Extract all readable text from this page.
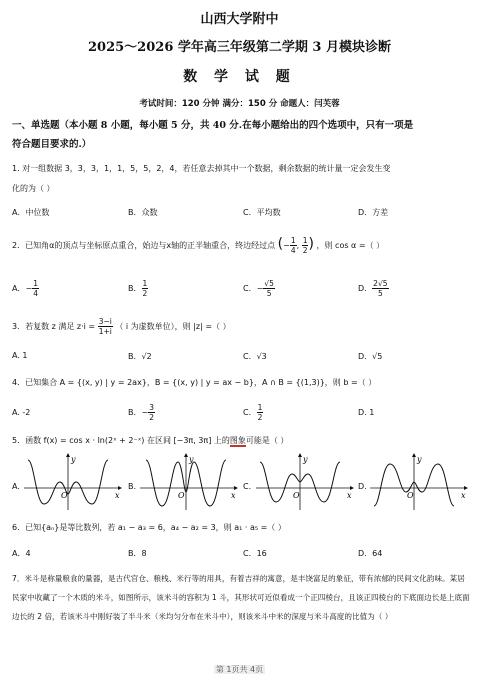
山西大学附中
2025～2026 学年高三年级第二学期 3 月模块诊断
数 学 试 题
考试时间：120 分钟 满分：150 分 命题人：闫芙蓉
一、单选题（本小题 8 小题，每小题 5 分，共 40 分.在每小题给出的四个选项中，只有一项是
符合题目要求的.）
1. 对一组数据 3，3，3，1，1，5，5，2，4，若任意去掉其中一个数据，剩余数据的统计量一定会发生变
化的为（ ）
A．中位数	B．众数	C．平均数	D．方差
2．已知角α的顶点与坐标原点重合，始边与x轴的正半轴重合，终边经过点 (− $\frac{1}{4}$ , $\frac{1}{2}$ ) ，则 cos α =（ ）
A．− $\frac{1}{4}$	B． $\frac{1}{2}$	C．− $\frac{√5}{5}$	D． $\frac{2√5}{5}$
3．若复数 z 满足 $z\cdot i = \frac{3-i}{1+i}$ （ i 为虚数单位），则 |z| =（ ）
A. 1	B．√2	C．√3	D．√5
4．已知集合 A = {(x, y) | y = 2ax}，B = {(x, y) | y = ax − b}，A ∩ B = {(1,3)}，则 b =（ ）
A. -2	B．− $\frac{3}{2}$	C． $\frac{1}{2}$	D. 1
5．函数 f(x) = cos x · ln(2ˣ + 2⁻ˣ) 在区间 [−3π, 3π] 上的图象可能是（ ）
A.
x
y
O
B.
x
y
O
C.
x
y
O
D.
x
y
O
6．已知{aₙ}是等比数列，若 a₁ − a₃ = 6，a₄ − a₂ = 3，则 a₁ · a₅ =（ ）
A．4	B．8	C．16	D．64
7．米斗是称量粮食的量器，是古代官仓、粮栈、米行等的用具，有着吉祥的寓意，是丰饶富足的象征，带有浓郁的民间文化韵味。某居民家中收藏了一个木质的米斗，如图所示，该米斗的容积为 1 斗，其形状可近似看成一个正四棱台，且该正四棱台的下底面边长是上底面边长的 2 倍，若该米斗中刚好装了半斗米（米均匀分布在米斗中），则该米斗中米的深度与米斗高度的比值为（ ）
第 1页共 4页
